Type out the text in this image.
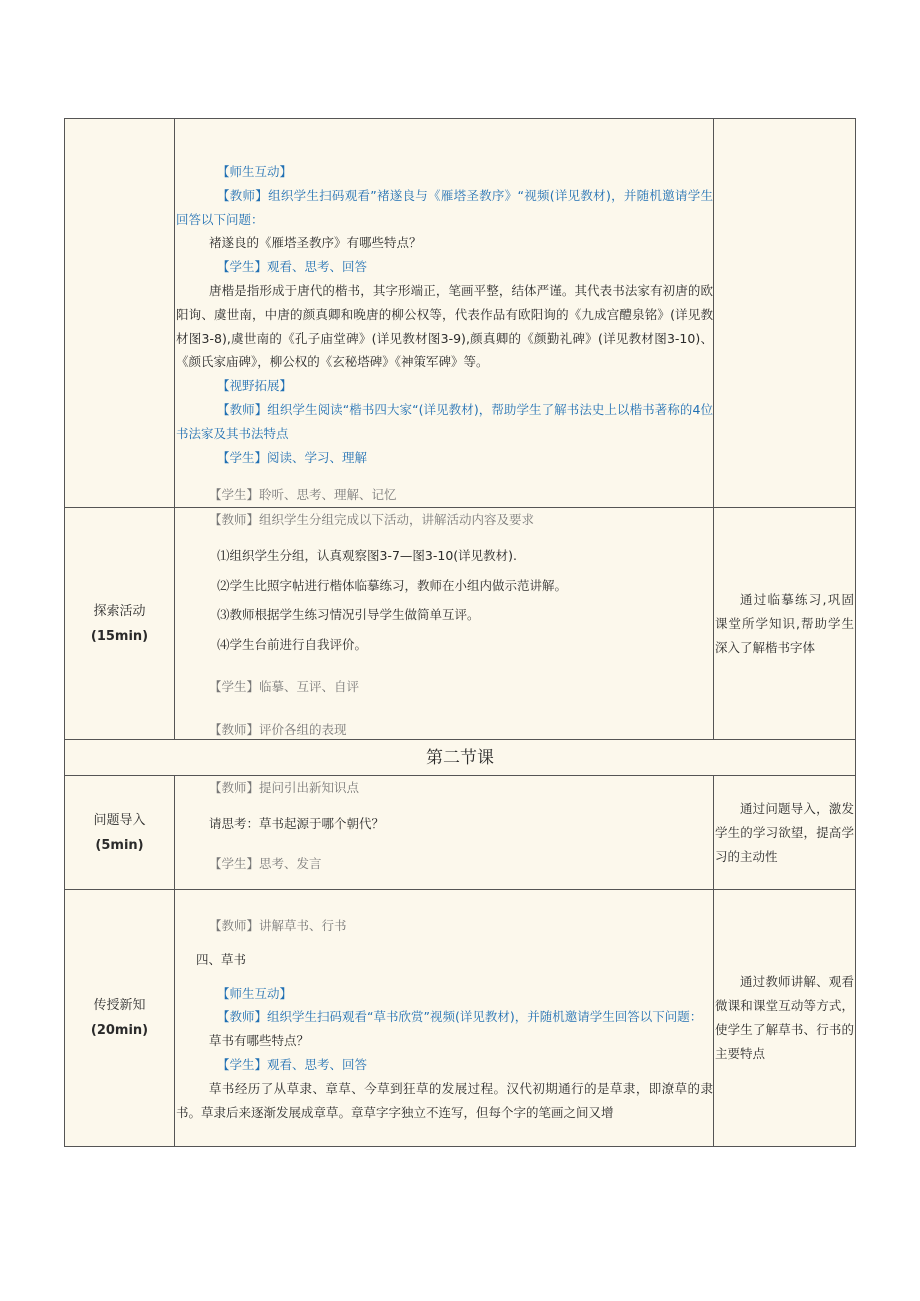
【师生互动】

【教师】组织学生扫码观看”褚遂良与《雁塔圣教序》“视频(详见教材)，并随机邀请学生回答以下问题：

褚遂良的《雁塔圣教序》有哪些特点？

【学生】观看、思考、回答

唐楷是指形成于唐代的楷书，其字形端正，笔画平整，结体严谨。其代表书法家有初唐的欧阳询、虞世南，中唐的颜真卿和晚唐的柳公权等，代表作品有欧阳询的《九成宫醴泉铭》(详见教材图3-8),虞世南的《孔子庙堂碑》(详见教材图3-9),颜真卿的《颜勤礼碑》(详见教材图3-10)、《颜氏家庙碑》，柳公权的《玄秘塔碑》《神策军碑》等。

【视野拓展】

【教师】组织学生阅读“楷书四大家“(详见教材)，帮助学生了解书法史上以楷书著称的4位书法家及其书法特点

【学生】阅读、学习、理解

【学生】聆听、思考、理解、记忆

探索活动
(15min)

【教师】组织学生分组完成以下活动，讲解活动内容及要求

⑴组织学生分组，认真观察图3-7—图3-10(详见教材).

⑵学生比照字帖进行楷体临摹练习，教师在小组内做示范讲解。

⑶教师根据学生练习情况引导学生做简单互评。

⑷学生台前进行自我评价。

【学生】临摹、互评、自评

【教师】评价各组的表现

通过临摹练习,巩固课堂所学知识,帮助学生深入了解楷书字体
第二节课
问题导入
(5min)

【教师】提问引出新知识点

请思考：草书起源于哪个朝代？

【学生】思考、发言

通过问题导入，激发学生的学习欲望，提高学习的主动性
传授新知
(20min)

【教师】讲解草书、行书

四、草书

【师生互动】

【教师】组织学生扫码观看“草书欣赏”视频(详见教材)，并随机邀请学生回答以下问题：

草书有哪些特点？

【学生】观看、思考、回答

草书经历了从草隶、章草、今草到狂草的发展过程。汉代初期通行的是草隶，即潦草的隶书。草隶后来逐渐发展成章草。章草字字独立不连写，但每个字的笔画之间又增

通过教师讲解、观看微课和课堂互动等方式，使学生了解草书、行书的主要特点
